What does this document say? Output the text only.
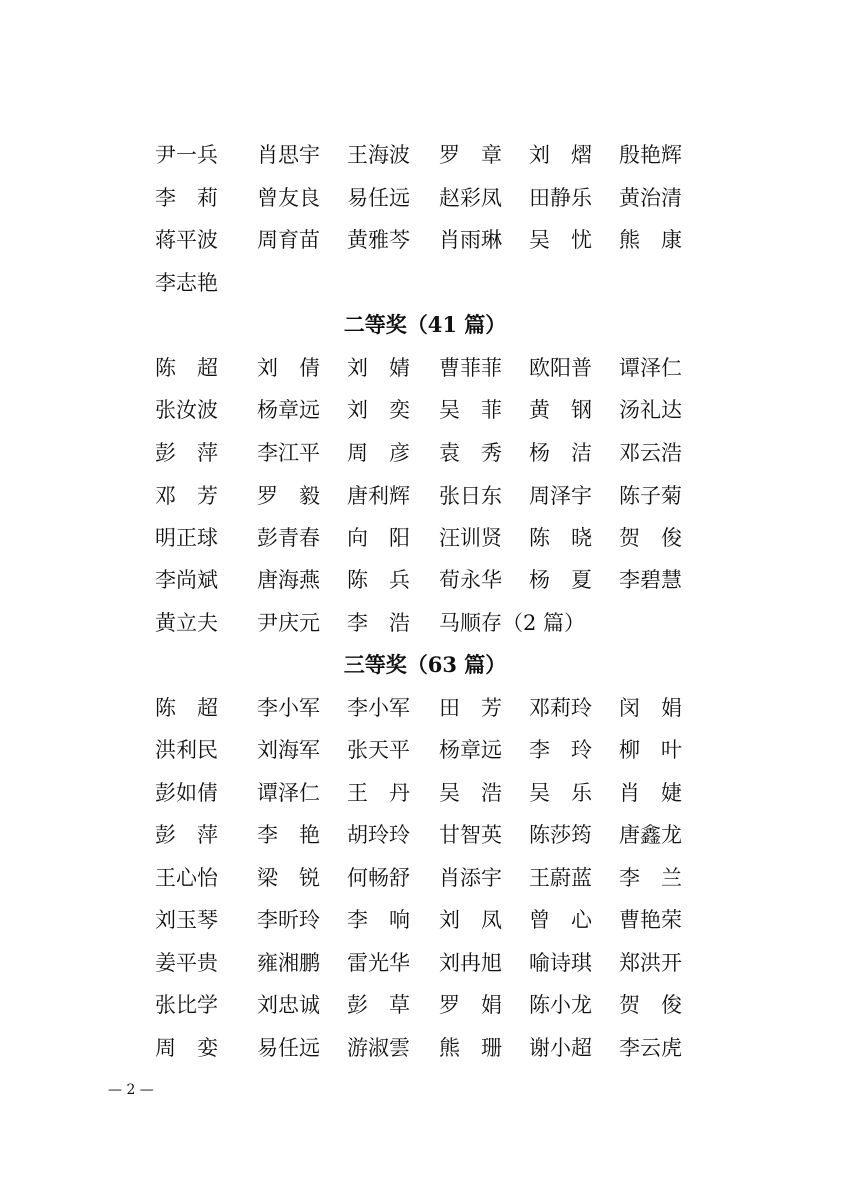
尹一兵 肖思宇 王海波 罗　章 刘　熠 殷艳辉
李　莉 曾友良 易任远 赵彩凤 田静乐 黄治清
蒋平波 周育苗 黄雅芩 肖雨琳 吴　忧 熊　康
李志艳
二等奖（41 篇）
陈　超 刘　倩 刘　婧 曹菲菲 欧阳普 谭泽仁
张汝波 杨章远 刘　奕 吴　菲 黄　钢 汤礼达
彭　萍 李江平 周　彦 袁　秀 杨　洁 邓云浩
邓　芳 罗　毅 唐利辉 张日东 周泽宇 陈子菊
明正球 彭青春 向　阳 汪训贤 陈　晓 贺　俊
李尚斌 唐海燕 陈　兵 荀永华 杨　夏 李碧慧
黄立夫 尹庆元 李　浩 马顺存（2 篇）
三等奖（63 篇）
陈　超 李小军 李小军 田　芳 邓莉玲 闵　娟
洪利民 刘海军 张天平 杨章远 李　玲 柳　叶
彭如倩 谭泽仁 王　丹 吴　浩 吴　乐 肖　婕
彭　萍 李　艳 胡玲玲 甘智英 陈莎筠 唐鑫龙
王心怡 梁　锐 何畅舒 肖添宇 王蔚蓝 李　兰
刘玉琴 李昕玲 李　响 刘　凤 曾　心 曹艳荣
姜平贵 雍湘鹏 雷光华 刘冉旭 喻诗琪 郑洪开
张比学 刘忠诚 彭　草 罗　娟 陈小龙 贺　俊
周　娈 易任远 游淑雲 熊　珊 谢小超 李云虎
— 2 —
